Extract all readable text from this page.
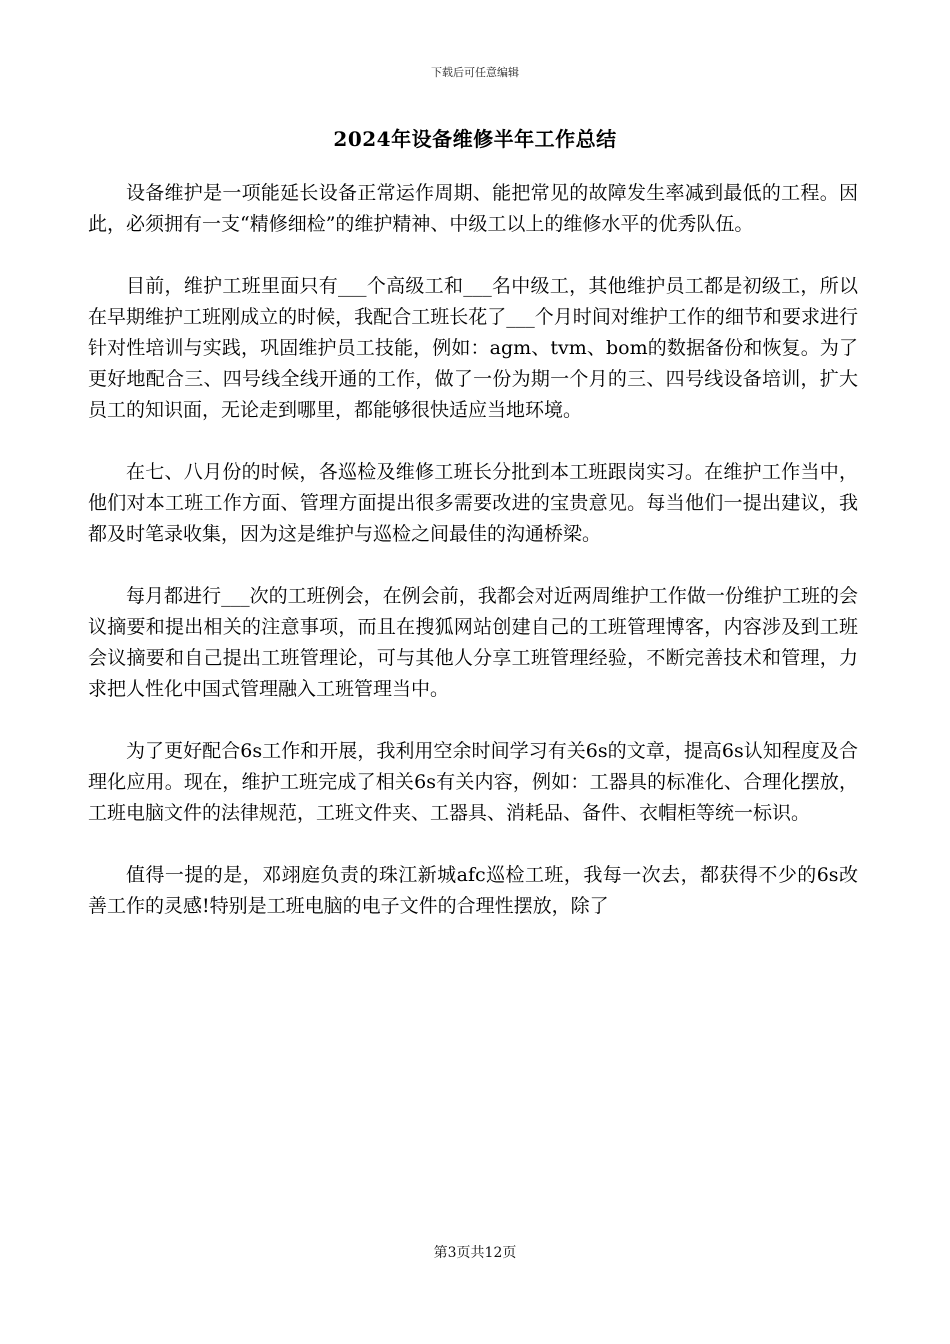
下载后可任意编辑
2024年设备维修半年工作总结

设备维护是一项能延长设备正常运作周期、能把常见的故障发生率减到最低的工程。因此，必须拥有一支“精修细检”的维护精神、中级工以上的维修水平的优秀队伍。

目前，维护工班里面只有___个高级工和___名中级工，其他维护员工都是初级工，所以在早期维护工班刚成立的时候，我配合工班长花了___个月时间对维护工作的细节和要求进行针对性培训与实践，巩固维护员工技能，例如：agm、tvm、bom的数据备份和恢复。为了更好地配合三、四号线全线开通的工作，做了一份为期一个月的三、四号线设备培训，扩大员工的知识面，无论走到哪里，都能够很快适应当地环境。

在七、八月份的时候，各巡检及维修工班长分批到本工班跟岗实习。在维护工作当中，他们对本工班工作方面、管理方面提出很多需要改进的宝贵意见。每当他们一提出建议，我都及时笔录收集，因为这是维护与巡检之间最佳的沟通桥梁。

每月都进行___次的工班例会，在例会前，我都会对近两周维护工作做一份维护工班的会议摘要和提出相关的注意事项，而且在搜狐网站创建自己的工班管理博客，内容涉及到工班会议摘要和自己提出工班管理论，可与其他人分享工班管理经验，不断完善技术和管理，力求把人性化中国式管理融入工班管理当中。

为了更好配合6s工作和开展，我利用空余时间学习有关6s的文章，提高6s认知程度及合理化应用。现在，维护工班完成了相关6s有关内容，例如：工器具的标准化、合理化摆放，工班电脑文件的法律规范，工班文件夹、工器具、消耗品、备件、衣帽柜等统一标识。

值得一提的是，邓翊庭负责的珠江新城afc巡检工班，我每一次去，都获得不少的6s改善工作的灵感!特别是工班电脑的电子文件的合理性摆放，除了

第3页共12页
